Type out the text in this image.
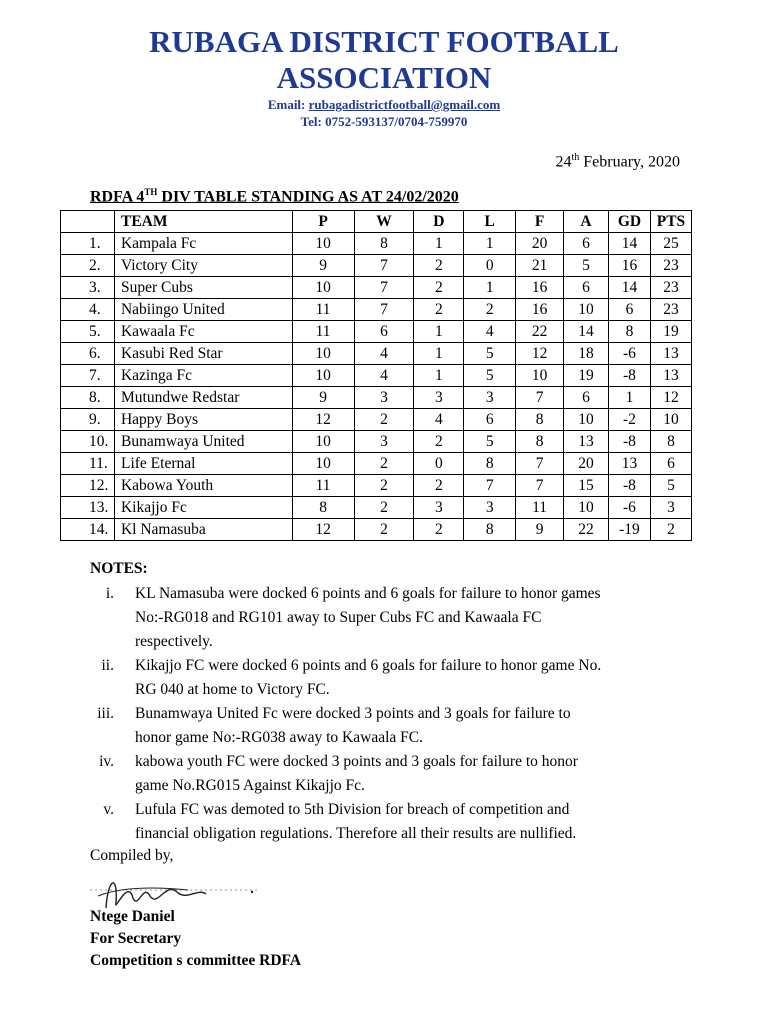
RUBAGA DISTRICT FOOTBALL
ASSOCIATION
Email: rubagadistrictfootball@gmail.com
Tel: 0752-593137/0704-759970
24th February, 2020
RDFA 4TH DIV TABLE STANDING AS AT 24/02/2020
	TEAM	P	W	D	L	F	A	GD	PTS
1.	Kampala Fc	10	8	1	1	20	6	14	25
2.	Victory City	9	7	2	0	21	5	16	23
3.	Super Cubs	10	7	2	1	16	6	14	23
4.	Nabiingo United	11	7	2	2	16	10	6	23
5.	Kawaala Fc	11	6	1	4	22	14	8	19
6.	Kasubi Red Star	10	4	1	5	12	18	-6	13
7.	Kazinga Fc	10	4	1	5	10	19	-8	13
8.	Mutundwe Redstar	9	3	3	3	7	6	1	12
9.	Happy Boys	12	2	4	6	8	10	-2	10
10.	Bunamwaya United	10	3	2	5	8	13	-8	8
11.	Life Eternal	10	2	0	8	7	20	13	6
12.	Kabowa Youth	11	2	2	7	7	15	-8	5
13.	Kikajjo Fc	8	2	3	3	11	10	-6	3
14.	Kl Namasuba	12	2	2	8	9	22	-19	2
NOTES:
i. KL Namasuba were docked 6 points and 6 goals for failure to honor games
No:-RG018 and RG101 away to Super Cubs FC and Kawaala FC
respectively.
ii. Kikajjo FC were docked 6 points and 6 goals for failure to honor game No.
RG 040 at home to Victory FC.
iii. Bunamwaya United Fc were docked 3 points and 3 goals for failure to
honor game No:-RG038 away to Kawaala FC.
iv. kabowa youth FC were docked 3 points and 3 goals for failure to honor
game No.RG015 Against Kikajjo Fc.
v. Lufula FC was demoted to 5th Division for breach of competition and
financial obligation regulations. Therefore all their results are nullified.
Compiled by,
Ntege Daniel
For Secretary
Competition s committee RDFA
